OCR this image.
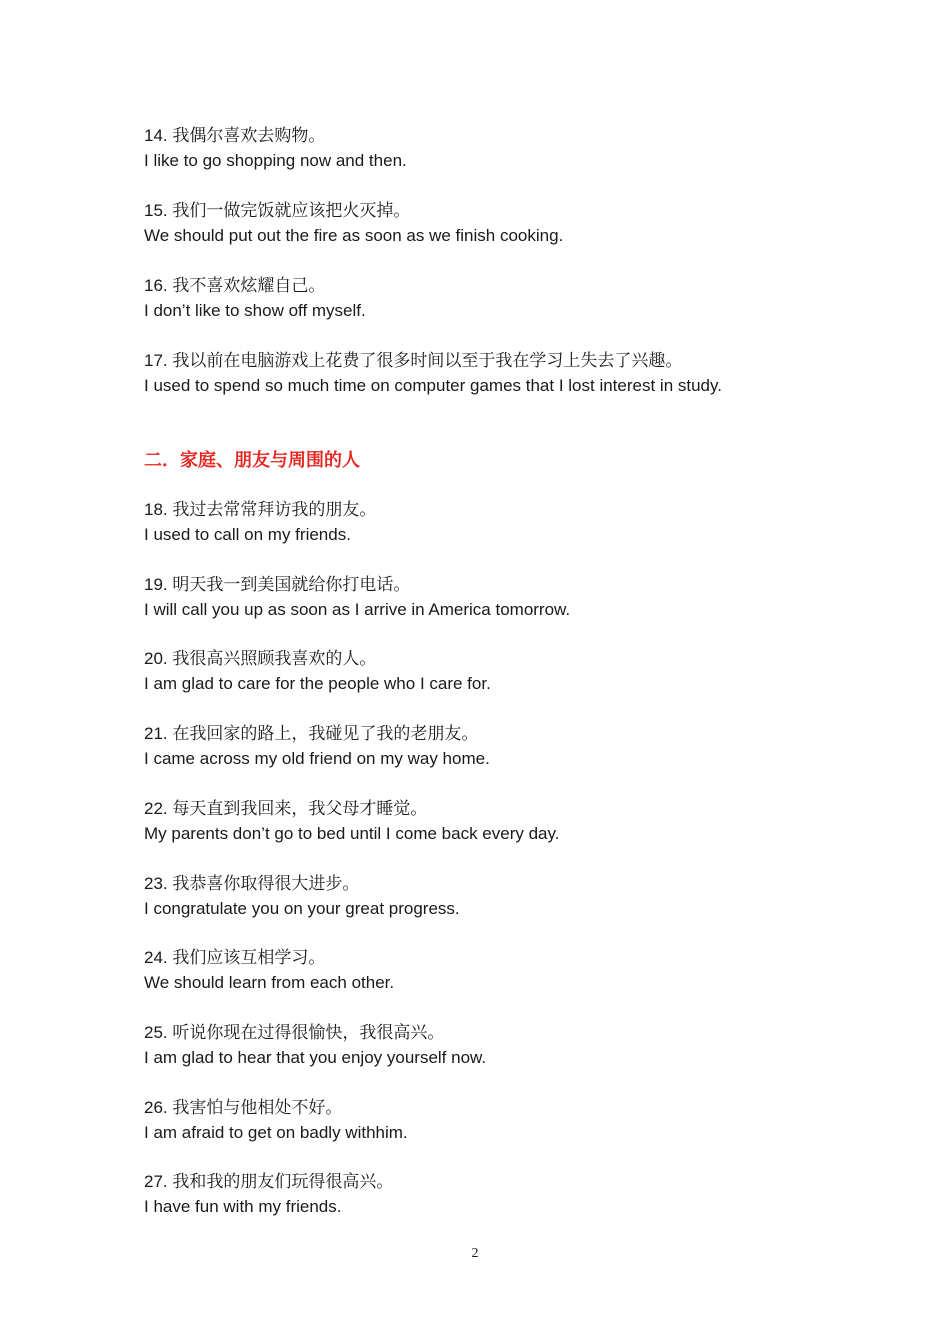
14. 我偶尔喜欢去购物。
I like to go shopping now and then.
15. 我们一做完饭就应该把火灭掉。
We should put out the fire as soon as we finish cooking.
16. 我不喜欢炫耀自己。
I don’t like to show off myself.
17. 我以前在电脑游戏上花费了很多时间以至于我在学习上失去了兴趣。
I used to spend so much time on computer games that I lost interest in study.
二．家庭、朋友与周围的人
18. 我过去常常拜访我的朋友。
I used to call on my friends.
19. 明天我一到美国就给你打电话。
I will call you up as soon as I arrive in America tomorrow.
20. 我很高兴照顾我喜欢的人。
I am glad to care for the people who I care for.
21. 在我回家的路上，我碰见了我的老朋友。
I came across my old friend on my way home.
22. 每天直到我回来，我父母才睡觉。
My parents don’t go to bed until I come back every day.
23. 我恭喜你取得很大进步。
I congratulate you on your great progress.
24. 我们应该互相学习。
We should learn from each other.
25. 听说你现在过得很愉快，我很高兴。
I am glad to hear that you enjoy yourself now.
26. 我害怕与他相处不好。
I am afraid to get on badly withhim.
27. 我和我的朋友们玩得很高兴。
I have fun with my friends.
2
